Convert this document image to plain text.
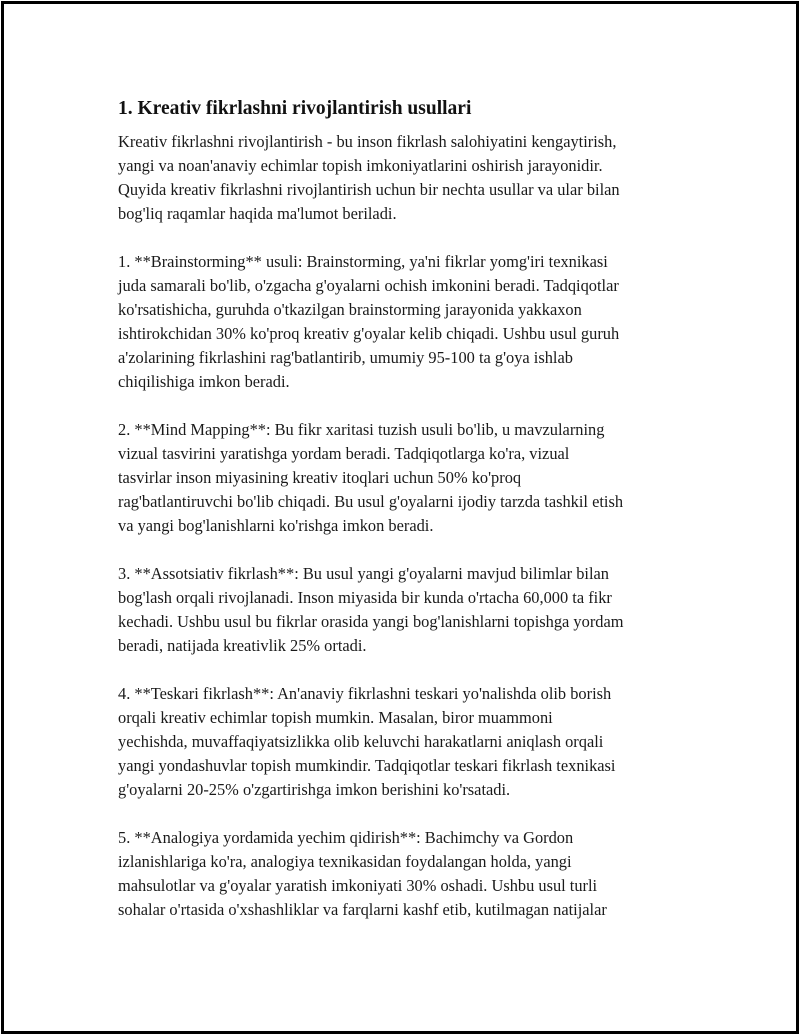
1. Kreativ fikrlashni rivojlantirish usullari

Kreativ fikrlashni rivojlantirish - bu inson fikrlash salohiyatini kengaytirish,
yangi va noan'anaviy echimlar topish imkoniyatlarini oshirish jarayonidir.
Quyida kreativ fikrlashni rivojlantirish uchun bir nechta usullar va ular bilan
bog'liq raqamlar haqida ma'lumot beriladi.

1. **Brainstorming** usuli: Brainstorming, ya'ni fikrlar yomg'iri texnikasi
juda samarali bo'lib, o'zgacha g'oyalarni ochish imkonini beradi. Tadqiqotlar
ko'rsatishicha, guruhda o'tkazilgan brainstorming jarayonida yakkaxon
ishtirokchidan 30% ko'proq kreativ g'oyalar kelib chiqadi. Ushbu usul guruh
a'zolarining fikrlashini rag'batlantirib, umumiy 95-100 ta g'oya ishlab
chiqilishiga imkon beradi.

2. **Mind Mapping**: Bu fikr xaritasi tuzish usuli bo'lib, u mavzularning
vizual tasvirini yaratishga yordam beradi. Tadqiqotlarga ko'ra, vizual
tasvirlar inson miyasining kreativ itoqlari uchun 50% ko'proq
rag'batlantiruvchi bo'lib chiqadi. Bu usul g'oyalarni ijodiy tarzda tashkil etish
va yangi bog'lanishlarni ko'rishga imkon beradi.

3. **Assotsiativ fikrlash**: Bu usul yangi g'oyalarni mavjud bilimlar bilan
bog'lash orqali rivojlanadi. Inson miyasida bir kunda o'rtacha 60,000 ta fikr
kechadi. Ushbu usul bu fikrlar orasida yangi bog'lanishlarni topishga yordam
beradi, natijada kreativlik 25% ortadi.

4. **Teskari fikrlash**: An'anaviy fikrlashni teskari yo'nalishda olib borish
orqali kreativ echimlar topish mumkin. Masalan, biror muammoni
yechishda, muvaffaqiyatsizlikka olib keluvchi harakatlarni aniqlash orqali
yangi yondashuvlar topish mumkindir. Tadqiqotlar teskari fikrlash texnikasi
g'oyalarni 20-25% o'zgartirishga imkon berishini ko'rsatadi.

5. **Analogiya yordamida yechim qidirish**: Bachimchy va Gordon
izlanishlariga ko'ra, analogiya texnikasidan foydalangan holda, yangi
mahsulotlar va g'oyalar yaratish imkoniyati 30% oshadi. Ushbu usul turli
sohalar o'rtasida o'xshashliklar va farqlarni kashf etib, kutilmagan natijalar
